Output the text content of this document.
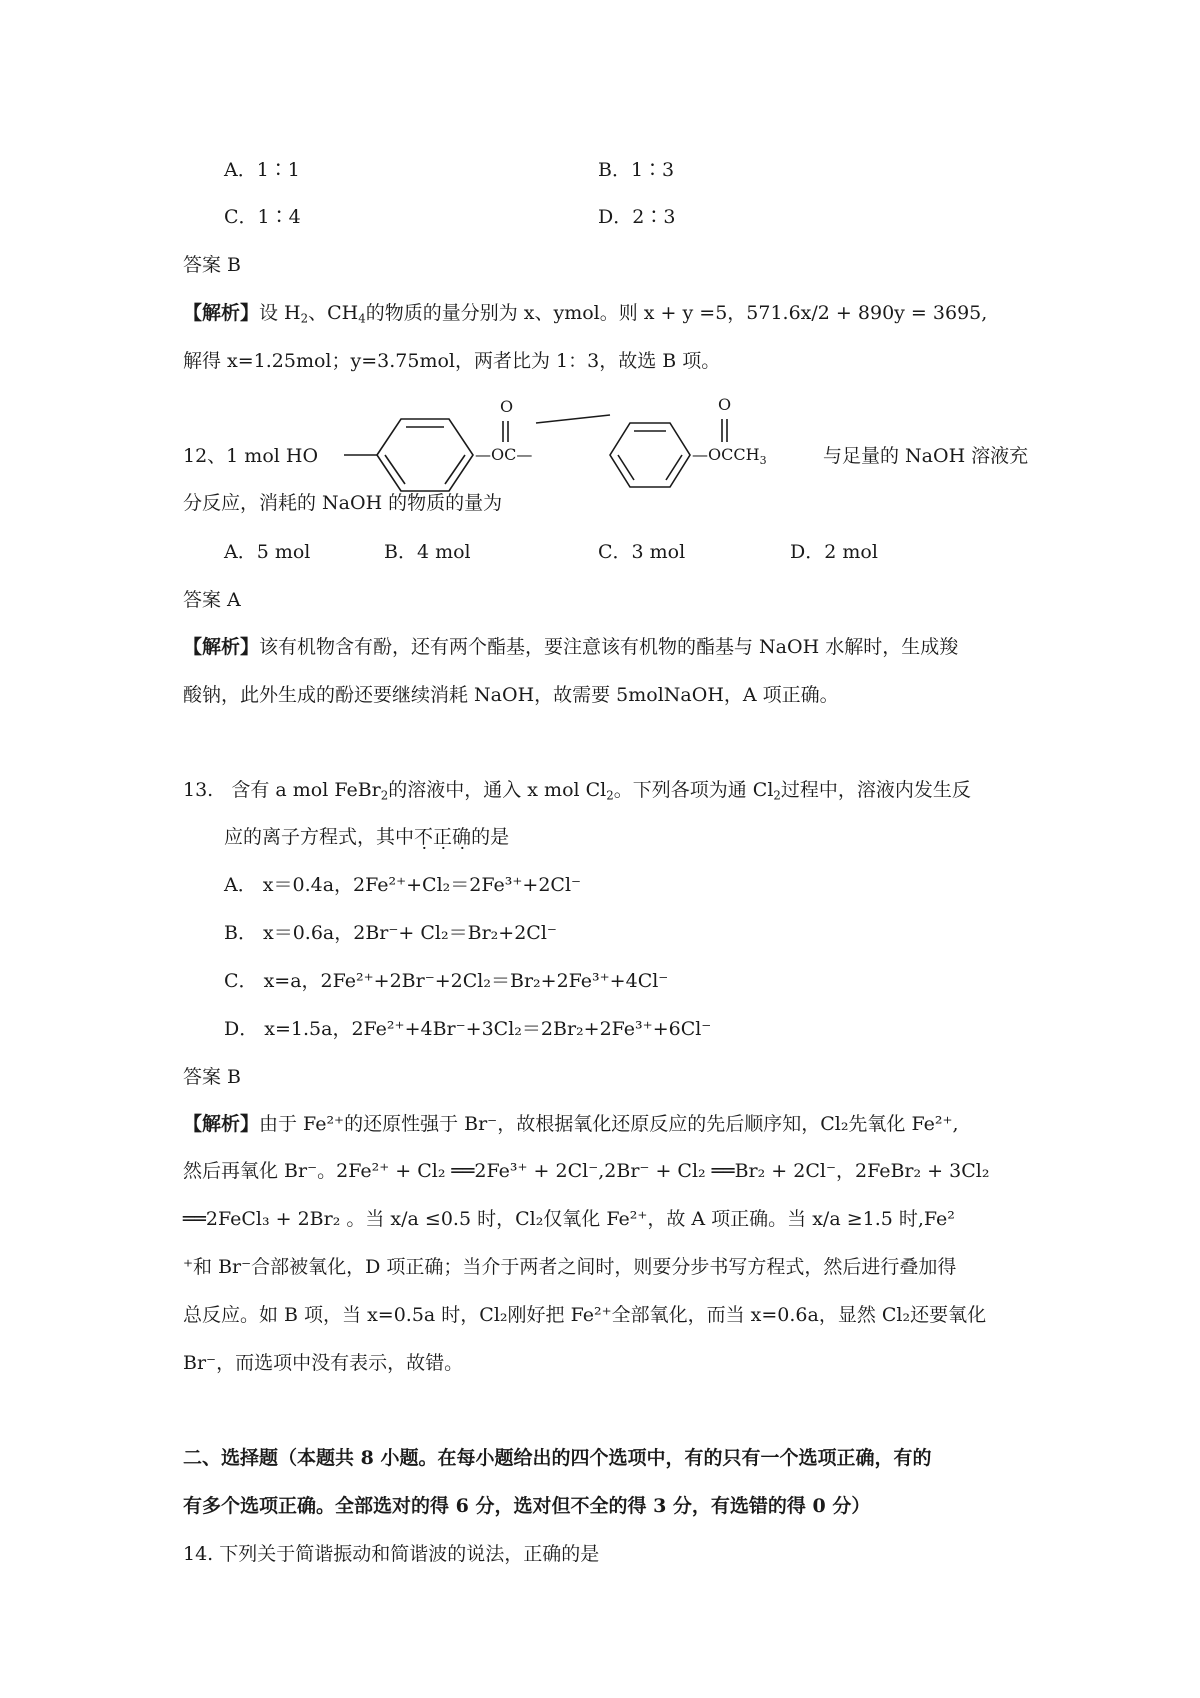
A．1∶1	B．1∶3
C．1∶4	D．2∶3
答案 B
【解析】设 $H_2$、$CH_4$的物质的量分别为 x、ymol。则 x + y =5，571.6x/2 + 890y = 3695,
解得 x=1.25mol；y=3.75mol，两者比为 1：3，故选 B 项。
12、1 mol HO
O
—OC—
O
$—OCCH_3$	与足量的 NaOH 溶液充
分反应，消耗的 NaOH 的物质的量为
A．5 mol	B．4 mol	C．3 mol	D．2 mol
答案 A
【解析】该有机物含有酚，还有两个酯基，要注意该有机物的酯基与 NaOH 水解时，生成羧
酸钠，此外生成的酚还要继续消耗 NaOH，故需要 5molNaOH，A 项正确。
13. 含有 a mol FeBr$_2$的溶液中，通入 x mol $Cl_2$。下列各项为通 $Cl_2$过程中，溶液内发生反
应的离子方程式，其中不正确的是
A． x＝0.4a，2Fe²⁺+Cl₂＝2Fe³⁺+2Cl⁻
B． x＝0.6a，2Br⁻+ Cl₂＝Br₂+2Cl⁻
C． x=a，2Fe²⁺+2Br⁻+2Cl₂＝Br₂+2Fe³⁺+4Cl⁻
D． x=1.5a，2Fe²⁺+4Br⁻+3Cl₂＝2Br₂+2Fe³⁺+6Cl⁻
答案 B
【解析】由于 Fe²⁺的还原性强于 Br⁻，故根据氧化还原反应的先后顺序知，Cl₂先氧化 Fe²⁺,
然后再氧化 Br⁻。2Fe²⁺ + Cl₂ ══2Fe³⁺ + 2Cl⁻,2Br⁻ + Cl₂ ══Br₂ + 2Cl⁻，2FeBr₂ + 3Cl₂
══2FeCl₃ + 2Br₂ 。当 x/a ≤0.5 时，Cl₂仅氧化 Fe²⁺，故 A 项正确。当 x/a ≥1.5 时,Fe²
⁺和 Br⁻合部被氧化，D 项正确；当介于两者之间时，则要分步书写方程式，然后进行叠加得
总反应。如 B 项，当 x=0.5a 时，Cl₂刚好把 Fe²⁺全部氧化，而当 x=0.6a，显然 Cl₂还要氧化
Br⁻，而选项中没有表示，故错。
二、选择题（本题共 8 小题。在每小题给出的四个选项中，有的只有一个选项正确，有的
有多个选项正确。全部选对的得 6 分，选对但不全的得 3 分，有选错的得 0 分）
14. 下列关于简谐振动和简谐波的说法，正确的是
